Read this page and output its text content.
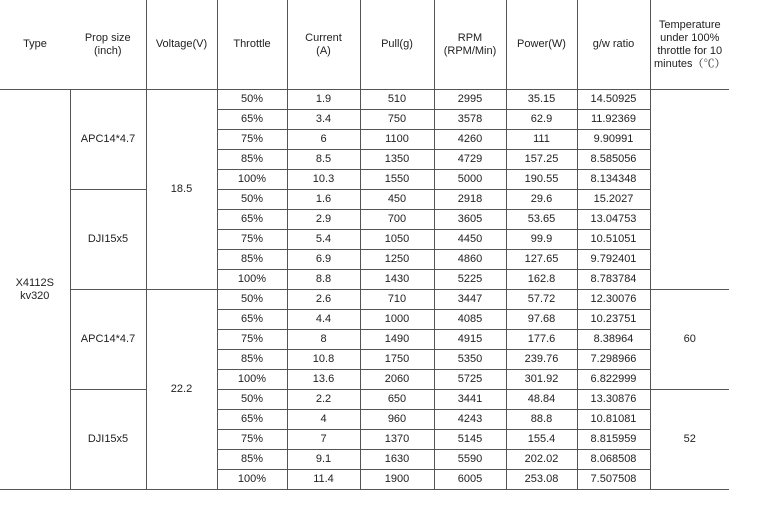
Type	Prop size (inch)	Voltage(V)	Throttle	Current (A)	Pull(g)	RPM (RPM/Min)	Power(W)	g/w ratio	Temperature under 100% throttle for 10 minutes（℃）

X4112S kv320	APC14*4.7	18.5	50%	1.9	510	2995	35.15	14.50925	
			65%	3.4	750	3578	62.9	11.92369	
			75%	6	1100	4260	111	9.90991	
			85%	8.5	1350	4729	157.25	8.585056	
			100%	10.3	1550	5000	190.55	8.134348	
	DJI15x5		50%	1.6	450	2918	29.6	15.2027	
			65%	2.9	700	3605	53.65	13.04753	
			75%	5.4	1050	4450	99.9	10.51051	
			85%	6.9	1250	4860	127.65	9.792401	
			100%	8.8	1430	5225	162.8	8.783784	
	APC14*4.7	22.2	50%	2.6	710	3447	57.72	12.30076	60
			65%	4.4	1000	4085	97.68	10.23751	
			75%	8	1490	4915	177.6	8.38964	
			85%	10.8	1750	5350	239.76	7.298966	
			100%	13.6	2060	5725	301.92	6.822999	
	DJI15x5		50%	2.2	650	3441	48.84	13.30876	52
			65%	4	960	4243	88.8	10.81081	
			75%	7	1370	5145	155.4	8.815959	
			85%	9.1	1630	5590	202.02	8.068508	
			100%	11.4	1900	6005	253.08	7.507508	
